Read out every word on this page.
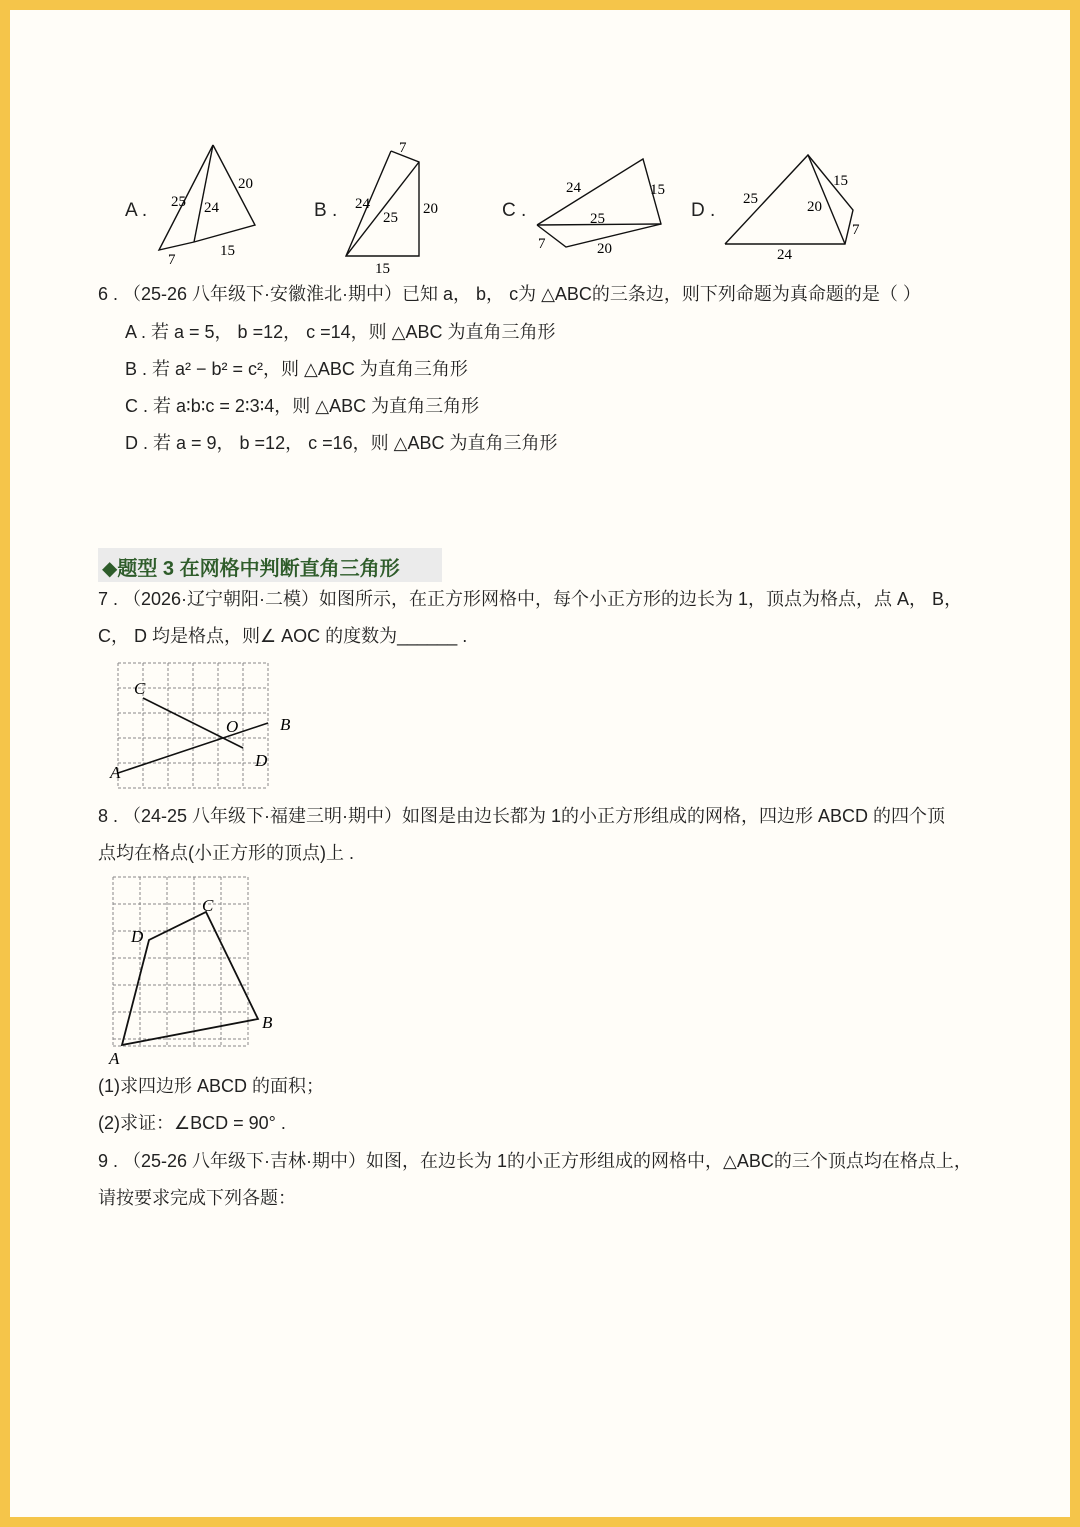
A . 25 24
20
7
15
B .
7
24
25
20
15
C .
24	15
25
7	20
D .
25	20
15
7
24
6 . （25-26 八年级下·安徽淮北·期中）已知 a， b， c为 △ABC的三条边，则下列命题为真命题的是（ ）
A . 若 a = 5， b =12， c =14，则 △ABC 为直角三角形
B . 若 a² − b² = c²，则 △ABC 为直角三角形
C . 若 a∶b∶c = 2∶3∶4，则 △ABC 为直角三角形
D . 若 a = 9， b =12， c =16，则 △ABC 为直角三角形
◆题型 3 在网格中判断直角三角形
7 . （2026·辽宁朝阳·二模）如图所示，在正方形网格中，每个小正方形的边长为 1，顶点为格点，点 A， B，
C， D 均是格点，则∠ AOC 的度数为______ .
C
O B
D
A
8 . （24-25 八年级下·福建三明·期中）如图是由边长都为 1的小正方形组成的网格，四边形 ABCD 的四个顶
点均在格点(小正方形的顶点)上 .
C
D
B
A
(1)求四边形 ABCD 的面积；
(2)求证：∠BCD = 90° .
9 . （25-26 八年级下·吉林·期中）如图，在边长为 1的小正方形组成的网格中，△ABC的三个顶点均在格点上，
请按要求完成下列各题：
